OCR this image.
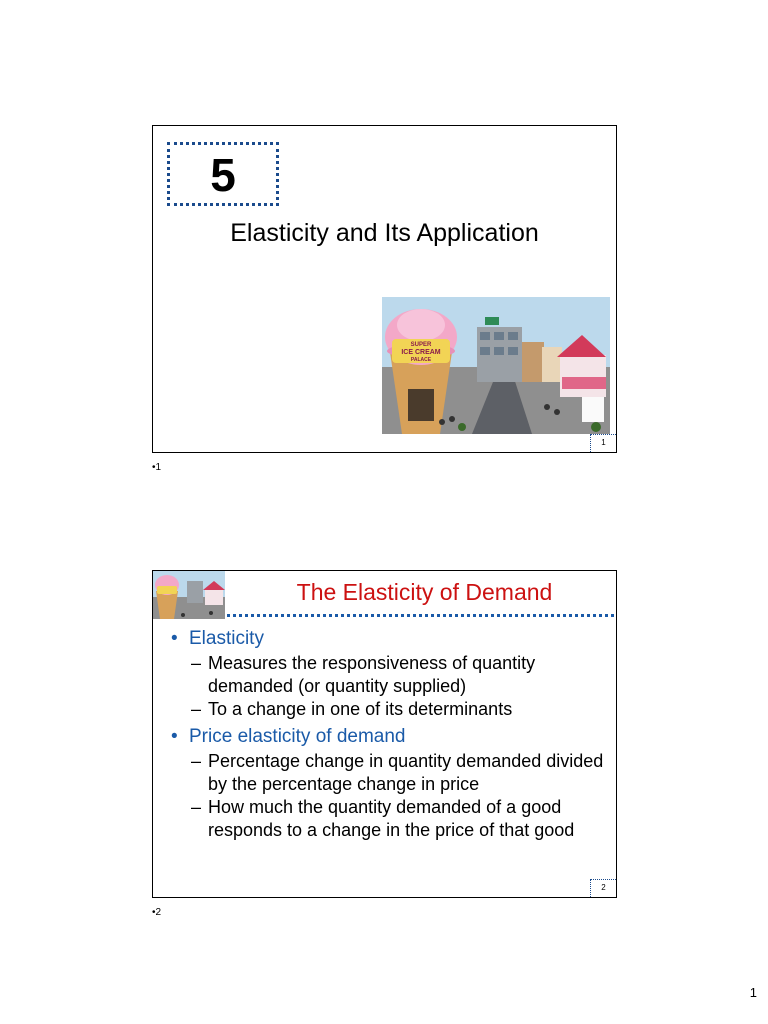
5
Elasticity and Its Application
SUPER
ICE CREAM
PALACE
1
•1
The Elasticity of Demand
• Elasticity
– Measures the responsiveness of quantity demanded (or quantity supplied)
– To a change in one of its determinants
• Price elasticity of demand
– Percentage change in quantity demanded divided by the percentage change in price
– How much the quantity demanded of a good responds to a change in the price of that good
2
•2
1
